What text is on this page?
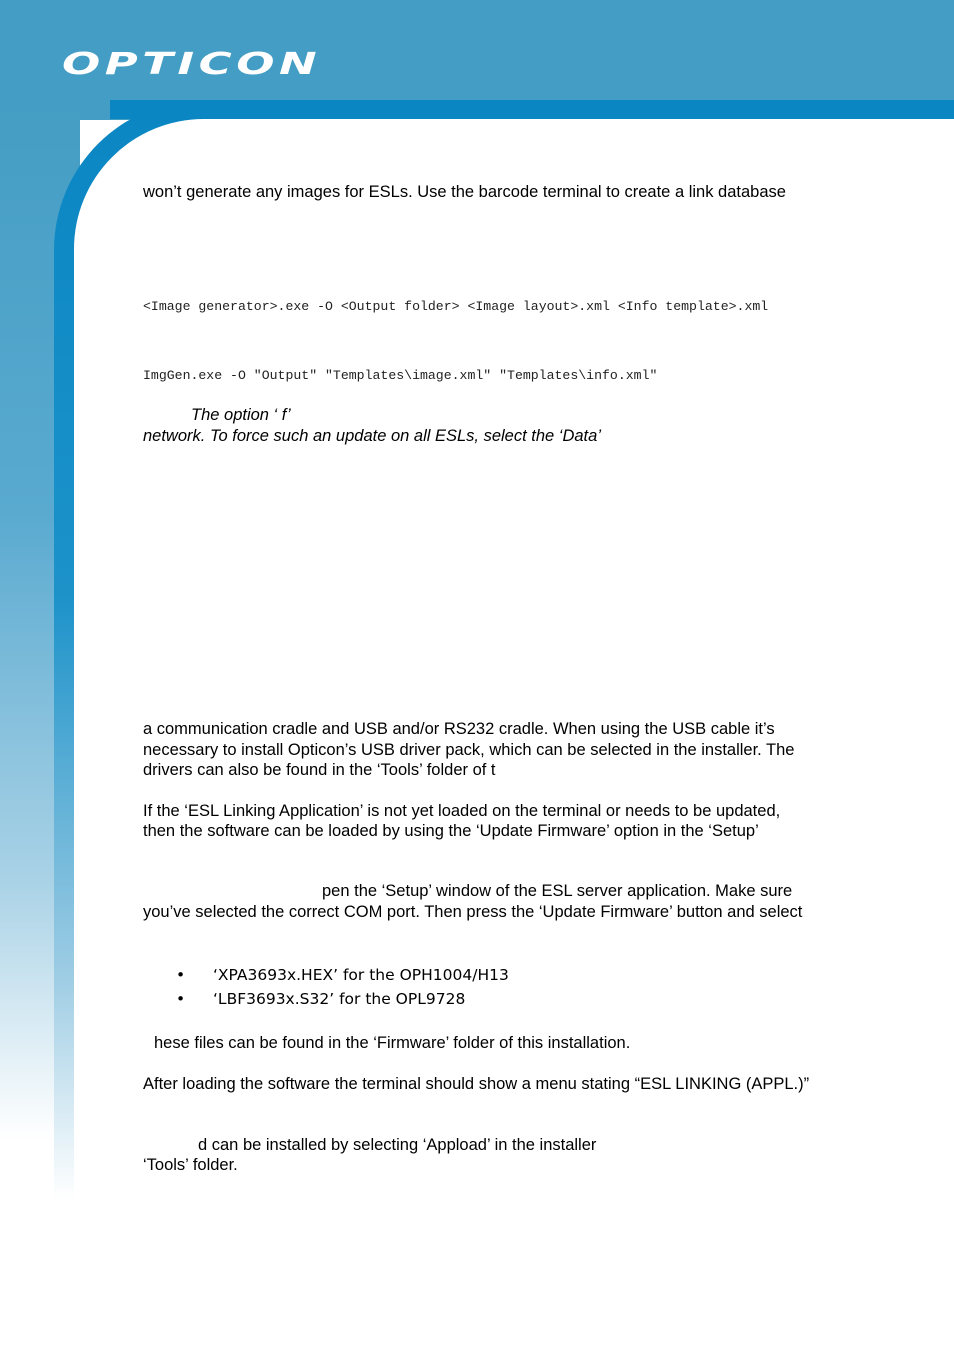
OPTICON

won’t generate any images for ESLs. Use the barcode terminal to create a link database

<Image generator>.exe -O <Output folder> <Image layout>.xml <Info template>.xml
ImgGen.exe -O "Output" "Templates\image.xml" "Templates\info.xml"

The option ‘ f’

network. To force such an update on all ESLs, select the ‘Data’

a communication cradle and USB and/or RS232 cradle. When using the USB cable it’s

necessary to install Opticon’s USB driver pack, which can be selected in the installer. The

drivers can also be found in the ‘Tools’ folder of t

If the ‘ESL Linking Application’ is not yet loaded on the terminal or needs to be updated,

then the software can be loaded by using the ‘Update Firmware’ option in the ‘Setup’

pen the ‘Setup’ window of the ESL server application. Make sure

you’ve selected the correct COM port. Then press the ‘Update Firmware’ button and select

• ‘XPA3693x.HEX’ for the OPH1004/H13
• ‘LBF3693x.S32’ for the OPL9728

hese files can be found in the ‘Firmware’ folder of this installation.

After loading the software the terminal should show a menu stating “ESL LINKING (APPL.)”

d can be installed by selecting ‘Appload’ in the installer

‘Tools’ folder.
